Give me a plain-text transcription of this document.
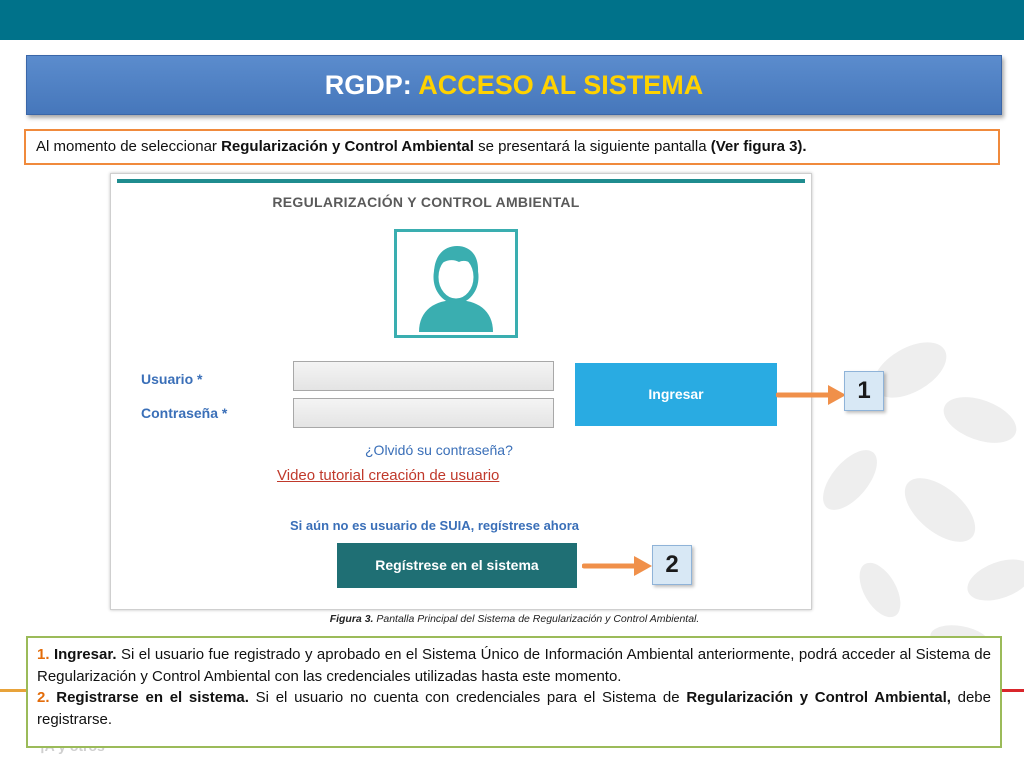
RGDP: ACCESO AL SISTEMA
Al momento de seleccionar Regularización y Control Ambiental se presentará la siguiente pantalla (Ver figura 3).
REGULARIZACIÓN Y CONTROL AMBIENTAL
Usuario *
Contraseña *
Ingresar
¿Olvidó su contraseña?
Video tutorial creación de usuario
Si aún no es usuario de SUIA, regístrese ahora
Regístrese en el sistema
1
2
Figura 3. Pantalla Principal del Sistema de Regularización y Control Ambiental.

1. Ingresar. Si el usuario fue registrado y aprobado en el Sistema Único de Información Ambiental anteriormente, podrá acceder al Sistema de Regularización y Control Ambiental con las credenciales utilizadas hasta este momento.

2. Registrarse en el sistema. Si el usuario no cuenta con credenciales para el Sistema de Regularización y Control Ambiental, debe registrarse.
